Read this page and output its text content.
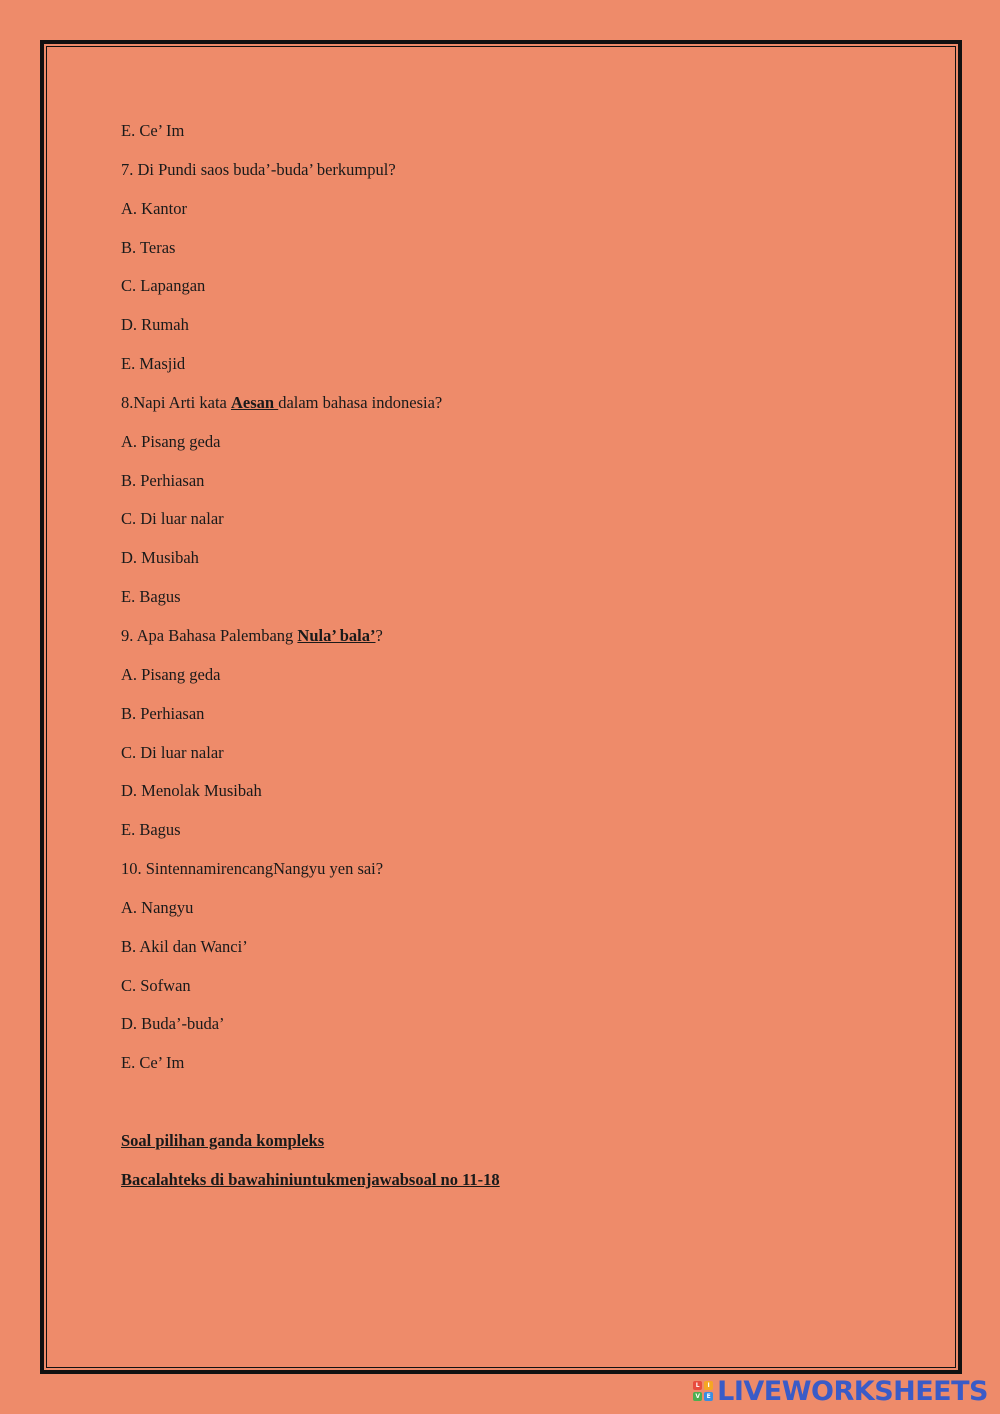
E. Ce’ Im
7. Di Pundi saos buda’-buda’ berkumpul?
A. Kantor
B. Teras
C. Lapangan
D. Rumah
E. Masjid
8.Napi Arti kata Aesan dalam bahasa indonesia?
A. Pisang geda
B. Perhiasan
C. Di luar nalar
D. Musibah
E. Bagus
9. Apa Bahasa Palembang Nula’ bala’?
A. Pisang geda
B. Perhiasan
C. Di luar nalar
D. Menolak Musibah
E. Bagus
10. SintennamirencangNangyu yen sai?
A. Nangyu
B. Akil dan Wanci’
C. Sofwan
D. Buda’-buda’
E. Ce’ Im
Soal pilihan ganda kompleks
Bacalahteks di bawahiniuntukmenjawabsoal no 11-18
L	I
V	E LIVEWORKSHEETS
